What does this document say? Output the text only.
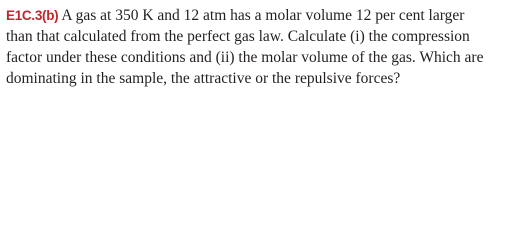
E1C.3(b) A gas at 350 K and 12 atm has a molar volume 12 per cent larger
than that calculated from the perfect gas law. Calculate (i) the compression
factor under these conditions and (ii) the molar volume of the gas. Which are
dominating in the sample, the attractive or the repulsive forces?
